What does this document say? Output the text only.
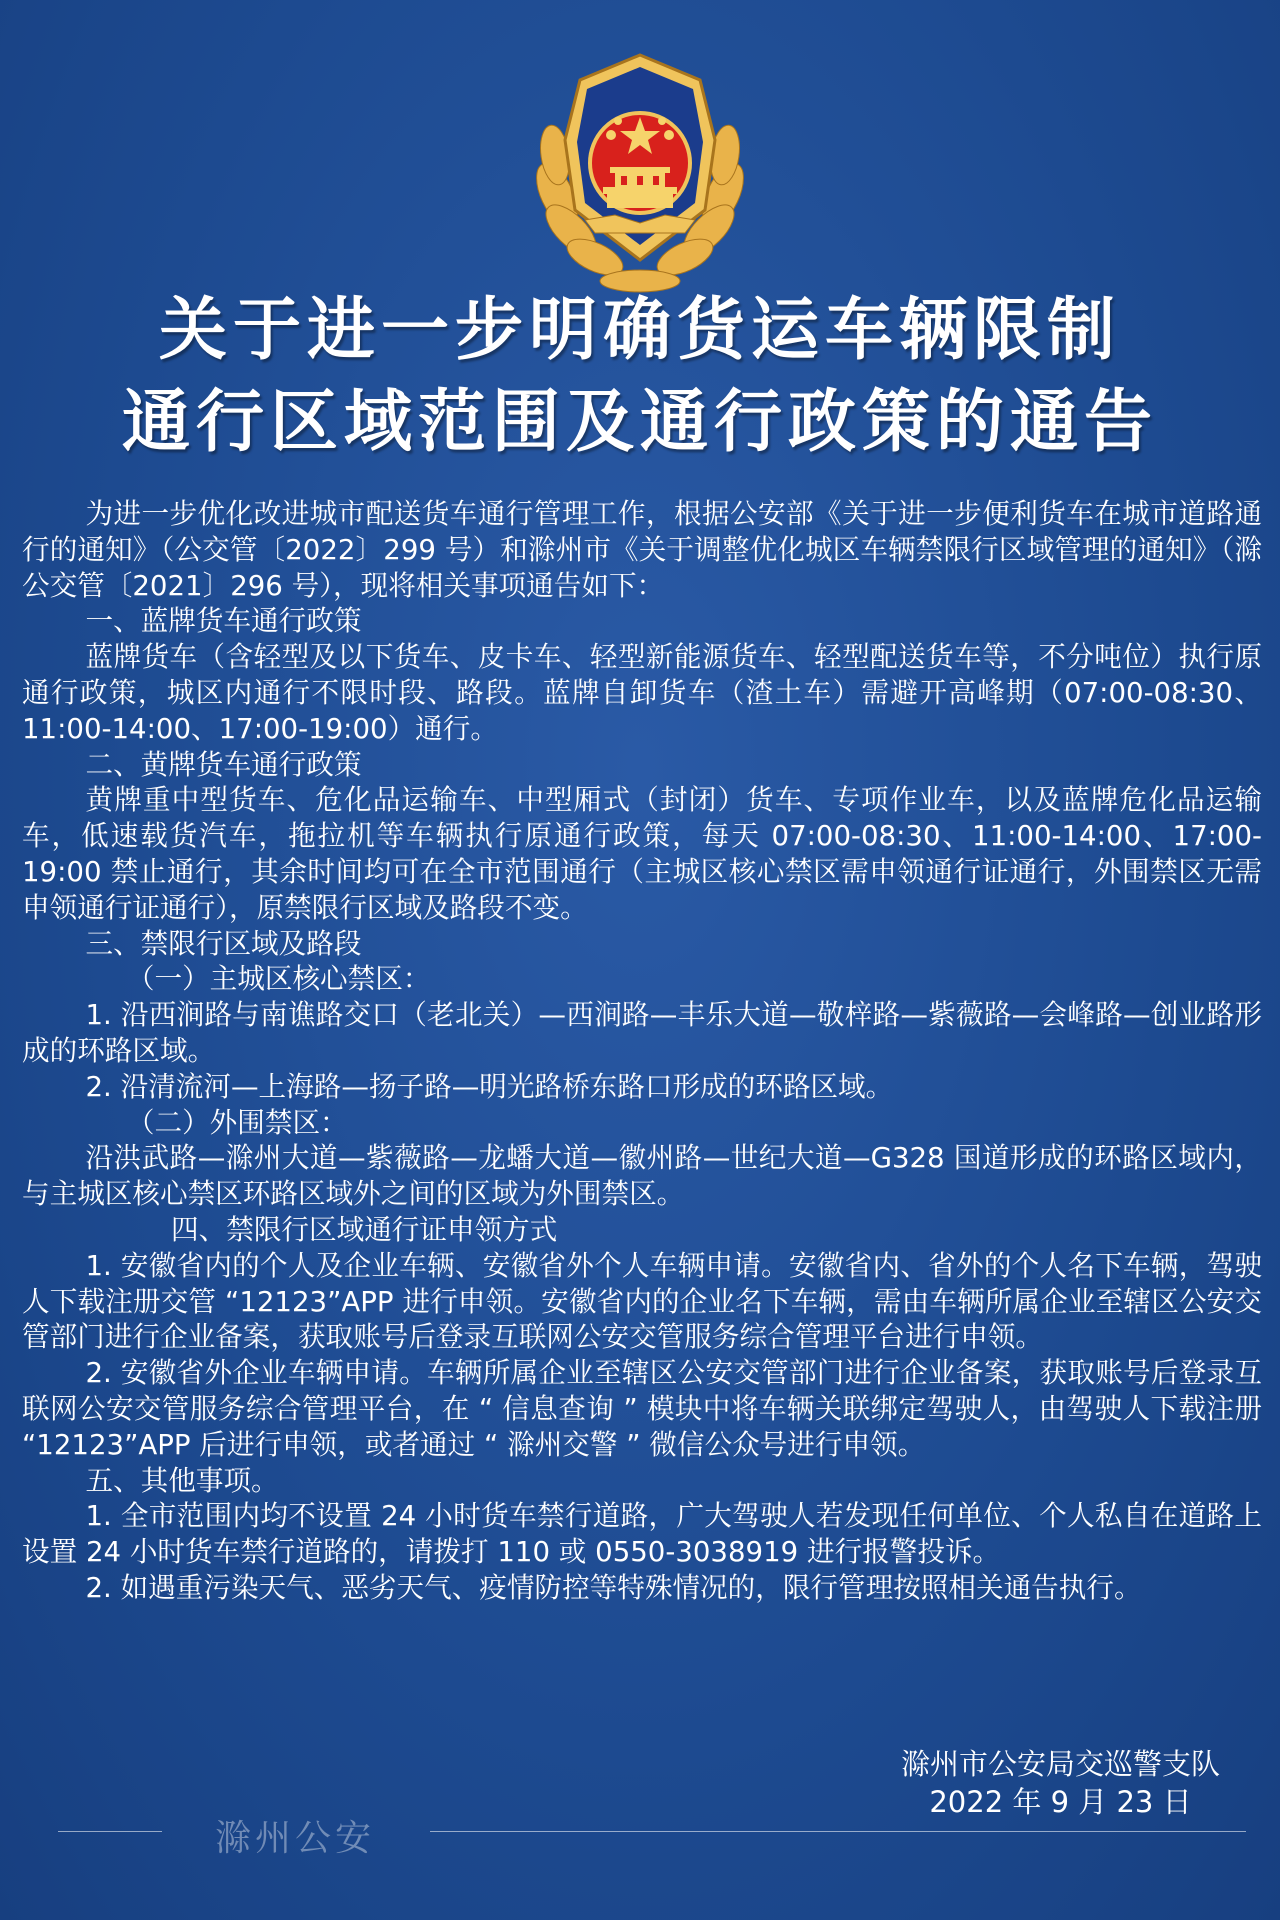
关于进一步明确货运车辆限制
通行区域范围及通行政策的通告

为进一步优化改进城市配送货车通行管理工作，根据公安部《关于进一步便利货车在城市道路通行的通知》（公交管〔2022〕299 号）和滁州市《关于调整优化城区车辆禁限行区域管理的通知》（滁公交管〔2021〕296 号），现将相关事项通告如下：

一、蓝牌货车通行政策

蓝牌货车（含轻型及以下货车、皮卡车、轻型新能源货车、轻型配送货车等，不分吨位）执行原通行政策，城区内通行不限时段、路段。蓝牌自卸货车（渣土车）需避开高峰期（07:00-08:30、11:00-14:00、17:00-19:00）通行。

二、黄牌货车通行政策

黄牌重中型货车、危化品运输车、中型厢式（封闭）货车、专项作业车，以及蓝牌危化品运输车，低速载货汽车，拖拉机等车辆执行原通行政策，每天 07:00-08:30、11:00-14:00、17:00-19:00 禁止通行，其余时间均可在全市范围通行（主城区核心禁区需申领通行证通行，外围禁区无需申领通行证通行），原禁限行区域及路段不变。

三、禁限行区域及路段

（一）主城区核心禁区：

1. 沿西涧路与南谯路交口（老北关）—西涧路—丰乐大道—敬梓路—紫薇路—会峰路—创业路形成的环路区域。

2. 沿清流河—上海路—扬子路—明光路桥东路口形成的环路区域。

（二）外围禁区：

沿洪武路—滁州大道—紫薇路—龙蟠大道—徽州路—世纪大道—G328 国道形成的环路区域内，与主城区核心禁区环路区域外之间的区域为外围禁区。

四、禁限行区域通行证申领方式

1. 安徽省内的个人及企业车辆、安徽省外个人车辆申请。安徽省内、省外的个人名下车辆，驾驶人下载注册交管 “12123”APP 进行申领。安徽省内的企业名下车辆，需由车辆所属企业至辖区公安交管部门进行企业备案，获取账号后登录互联网公安交管服务综合管理平台进行申领。

2. 安徽省外企业车辆申请。车辆所属企业至辖区公安交管部门进行企业备案，获取账号后登录互联网公安交管服务综合管理平台，在 “ 信息查询 ” 模块中将车辆关联绑定驾驶人，由驾驶人下载注册 “12123”APP 后进行申领，或者通过 “ 滁州交警 ” 微信公众号进行申领。

五、其他事项。

1. 全市范围内均不设置 24 小时货车禁行道路，广大驾驶人若发现任何单位、个人私自在道路上设置 24 小时货车禁行道路的，请拨打 110 或 0550-3038919 进行报警投诉。

2. 如遇重污染天气、恶劣天气、疫情防控等特殊情况的，限行管理按照相关通告执行。

滁州市公安局交巡警支队
2022 年 9 月 23 日
滁州公安
